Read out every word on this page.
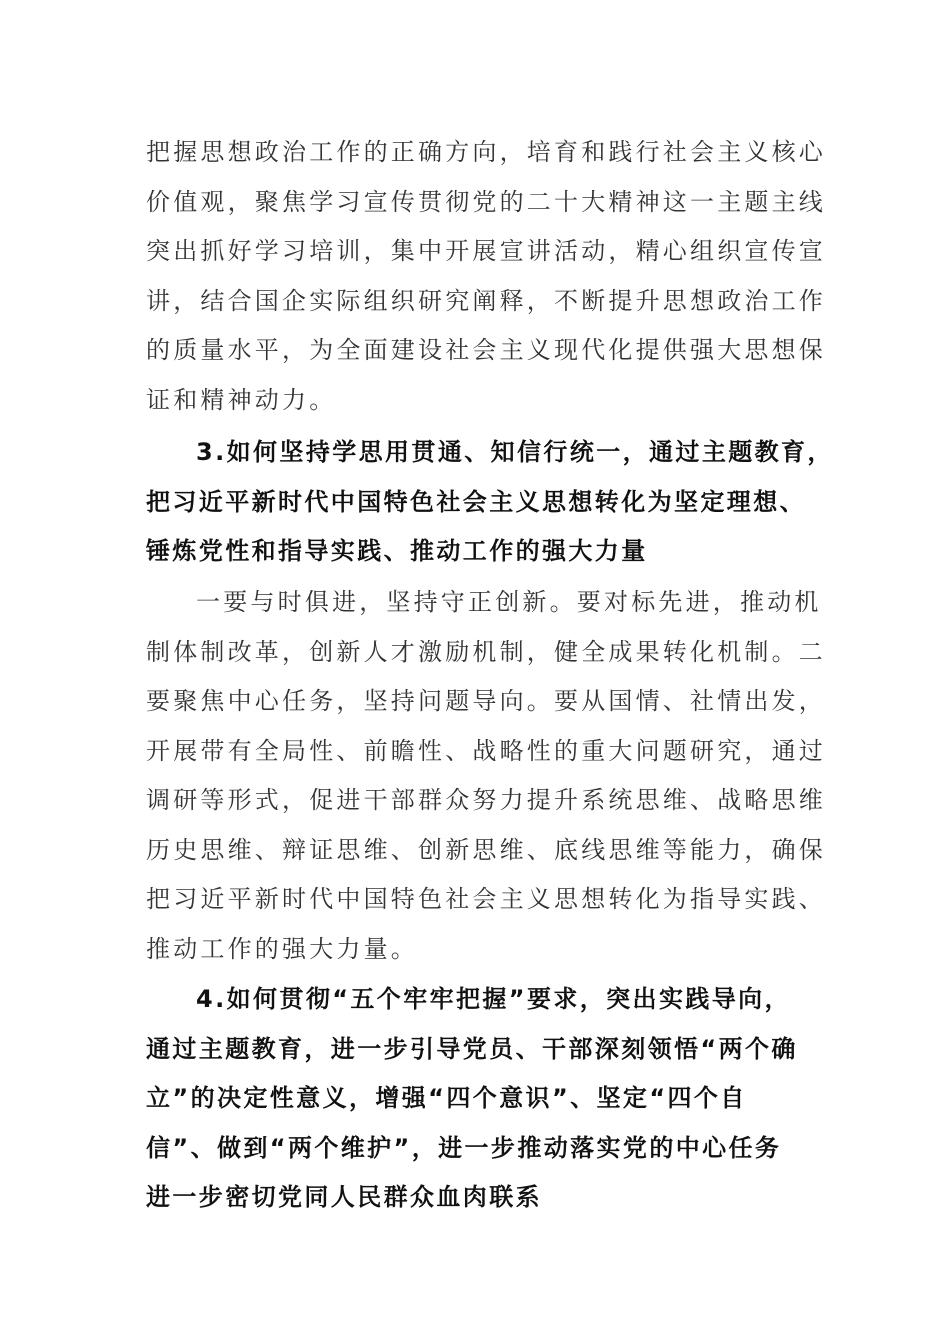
把握思想政治工作的正确方向，培育和践行社会主义核心
价值观，聚焦学习宣传贯彻党的二十大精神这一主题主线
突出抓好学习培训，集中开展宣讲活动，精心组织宣传宣
讲，结合国企实际组织研究阐释，不断提升思想政治工作
的质量水平，为全面建设社会主义现代化提供强大思想保
证和精神动力。
3.如何坚持学思用贯通、知信行统一，通过主题教育，
把习近平新时代中国特色社会主义思想转化为坚定理想、
锤炼党性和指导实践、推动工作的强大力量
一要与时俱进，坚持守正创新。要对标先进，推动机
制体制改革，创新人才激励机制，健全成果转化机制。二
要聚焦中心任务，坚持问题导向。要从国情、社情出发，
开展带有全局性、前瞻性、战略性的重大问题研究，通过
调研等形式，促进干部群众努力提升系统思维、战略思维
历史思维、辩证思维、创新思维、底线思维等能力，确保
把习近平新时代中国特色社会主义思想转化为指导实践、
推动工作的强大力量。
4.如何贯彻“五个牢牢把握”要求，突出实践导向，
通过主题教育，进一步引导党员、干部深刻领悟“两个确
立”的决定性意义，增强“四个意识”、坚定“四个自
信”、做到“两个维护”，进一步推动落实党的中心任务
进一步密切党同人民群众血肉联系
